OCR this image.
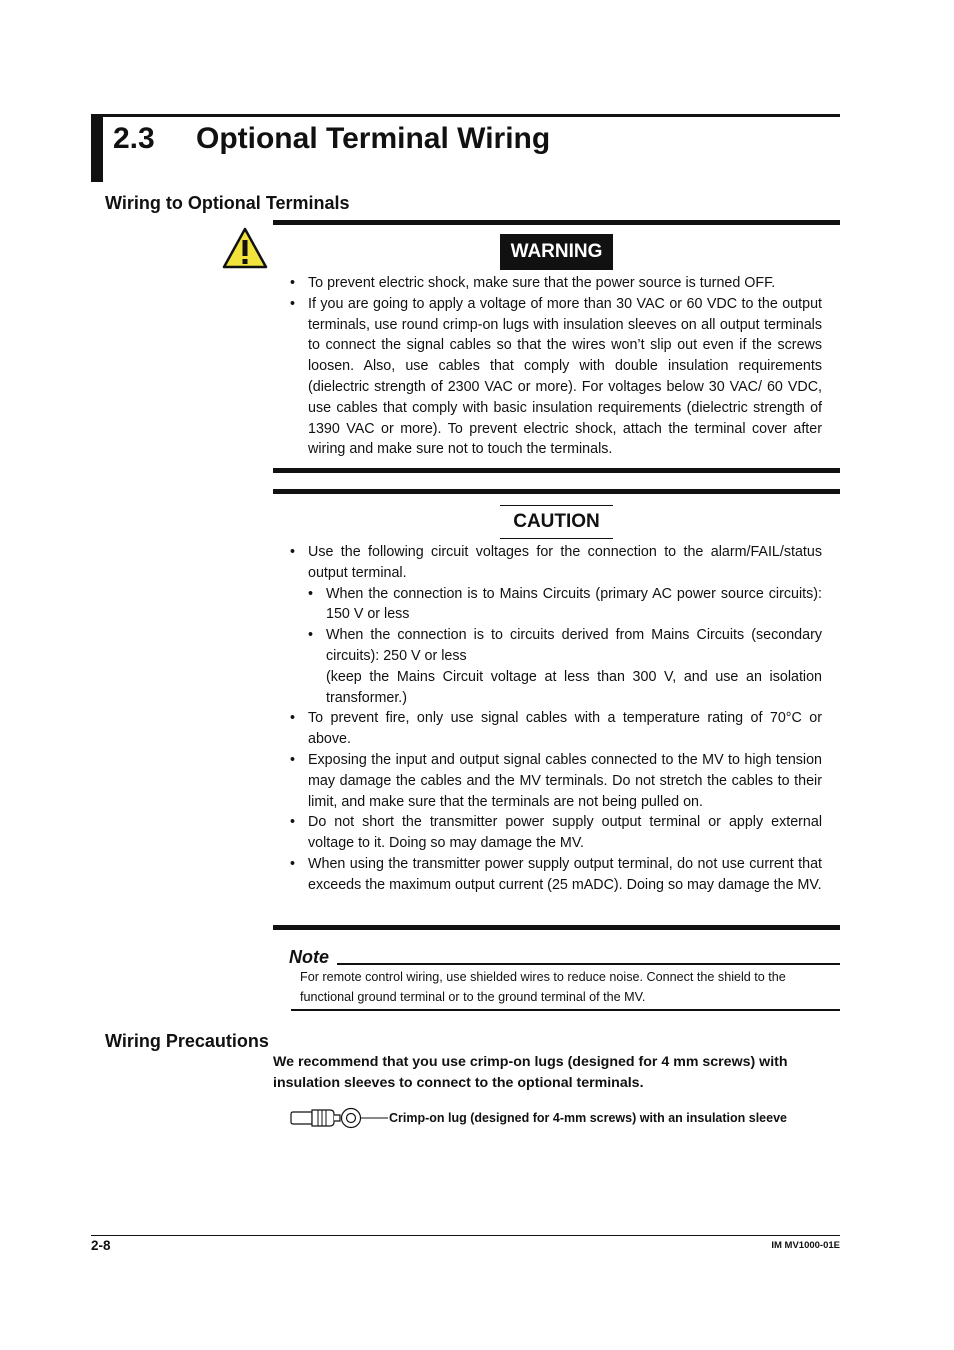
2.3 Optional Terminal Wiring
Wiring to Optional Terminals
WARNING
• To prevent electric shock, make sure that the power source is turned OFF.
• If you are going to apply a voltage of more than 30 VAC or 60 VDC to the output terminals, use round crimp-on lugs with insulation sleeves on all output terminals to connect the signal cables so that the wires won’t slip out even if the screws loosen. Also, use cables that comply with double insulation requirements (dielectric strength of 2300 VAC or more). For voltages below 30 VAC/ 60 VDC, use cables that comply with basic insulation requirements (dielectric strength of 1390 VAC or more). To prevent electric shock, attach the terminal cover after wiring and make sure not to touch the terminals.
CAUTION
• Use the following circuit voltages for the connection to the alarm/FAIL/status output terminal.
• When the connection is to Mains Circuits (primary AC power source circuits): 150 V or less
• When the connection is to circuits derived from Mains Circuits (secondary circuits): 250 V or less
(keep the Mains Circuit voltage at less than 300 V, and use an isolation transformer.)
• To prevent fire, only use signal cables with a temperature rating of 70°C or above.
• Exposing the input and output signal cables connected to the MV to high tension may damage the cables and the MV terminals. Do not stretch the cables to their limit, and make sure that the terminals are not being pulled on.
• Do not short the transmitter power supply output terminal or apply external voltage to it. Doing so may damage the MV.
• When using the transmitter power supply output terminal, do not use current that exceeds the maximum output current (25 mADC). Doing so may damage the MV.
Note
For remote control wiring, use shielded wires to reduce noise. Connect the shield to the functional ground terminal or to the ground terminal of the MV.
Wiring Precautions
We recommend that you use crimp-on lugs (designed for 4 mm screws) with insulation sleeves to connect to the optional terminals.
Crimp-on lug (designed for 4-mm screws) with an insulation sleeve
2-8	IM MV1000-01E
